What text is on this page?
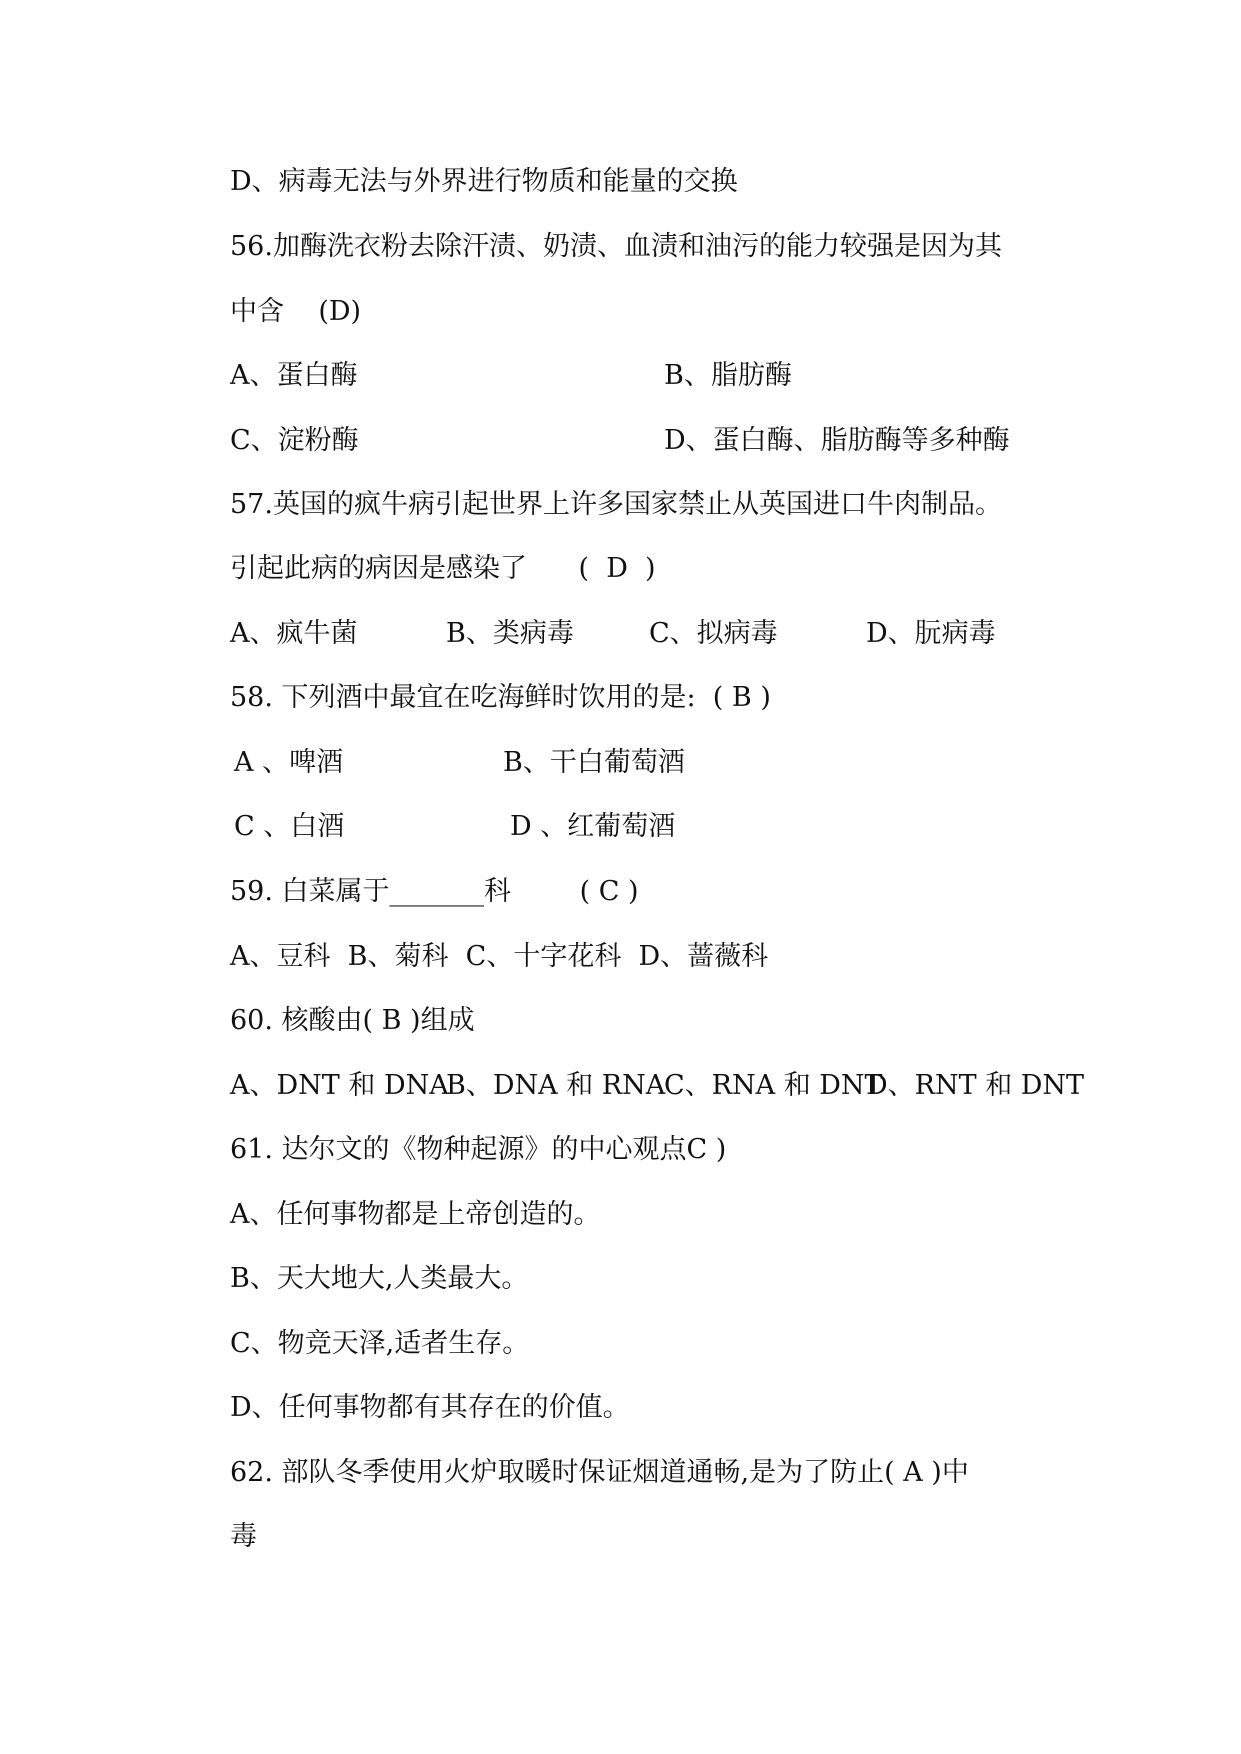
D、病毒无法与外界进行物质和能量的交换
56.加酶洗衣粉去除汗渍、奶渍、血渍和油污的能力较强是因为其
中含    (D)
A、蛋白酶	B、脂肪酶
C、淀粉酶	D、蛋白酶、脂肪酶等多种酶
57.英国的疯牛病引起世界上许多国家禁止从英国进口牛肉制品。
引起此病的病因是感染了      (  D  )
A、疯牛菌	B、类病毒	C、拟病毒	D、朊病毒
58. 下列酒中最宜在吃海鲜时饮用的是:  ( B )
A 、啤酒	B、干白葡萄酒
C 、白酒	D 、红葡萄酒
59. 白菜属于_______科        ( C )
A、豆科  B、菊科  C、十字花科  D、蔷薇科
60. 核酸由( B )组成
A、DNT 和 DNA
B、DNA 和 RNA
C、RNA 和 DNT
D、RNT 和 DNT
61. 达尔文的《物种起源》的中心观点C )
A、任何事物都是上帝创造的。
B、天大地大,人类最大。
C、物竞天泽,适者生存。
D、任何事物都有其存在的价值。
62. 部队冬季使用火炉取暖时保证烟道通畅,是为了防止( A )中
毒
